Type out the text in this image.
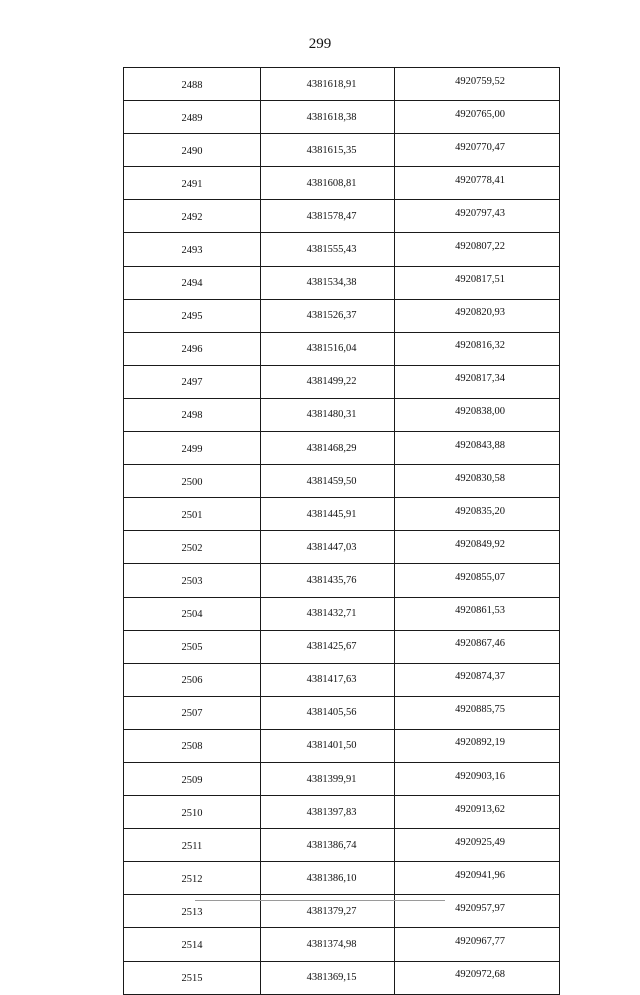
299
2488	4381618,91	4920759,52
2489	4381618,38	4920765,00
2490	4381615,35	4920770,47
2491	4381608,81	4920778,41
2492	4381578,47	4920797,43
2493	4381555,43	4920807,22
2494	4381534,38	4920817,51
2495	4381526,37	4920820,93
2496	4381516,04	4920816,32
2497	4381499,22	4920817,34
2498	4381480,31	4920838,00
2499	4381468,29	4920843,88
2500	4381459,50	4920830,58
2501	4381445,91	4920835,20
2502	4381447,03	4920849,92
2503	4381435,76	4920855,07
2504	4381432,71	4920861,53
2505	4381425,67	4920867,46
2506	4381417,63	4920874,37
2507	4381405,56	4920885,75
2508	4381401,50	4920892,19
2509	4381399,91	4920903,16
2510	4381397,83	4920913,62
2511	4381386,74	4920925,49
2512	4381386,10	4920941,96
2513	4381379,27	4920957,97
2514	4381374,98	4920967,77
2515	4381369,15	4920972,68
